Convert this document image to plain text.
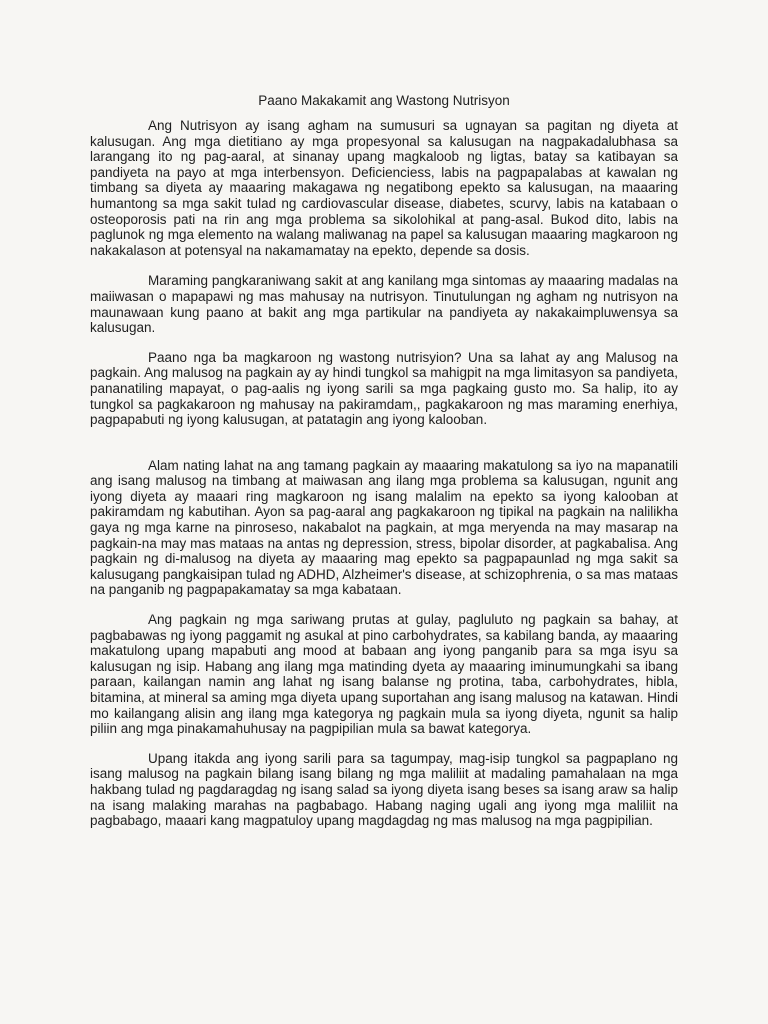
Paano Makakamit ang Wastong Nutrisyon

Ang Nutrisyon ay isang agham na sumusuri sa ugnayan sa pagitan ng diyeta at kalusugan. Ang mga dietitiano ay mga propesyonal sa kalusugan na nagpakadalubhasa sa larangang ito ng pag-aaral, at sinanay upang magkaloob ng ligtas, batay sa katibayan sa pandiyeta na payo at mga interbensyon. Deficienciess, labis na pagpapalabas at kawalan ng timbang sa diyeta ay maaaring makagawa ng negatibong epekto sa kalusugan, na maaaring humantong sa mga sakit tulad ng cardiovascular disease, diabetes, scurvy, labis na katabaan o osteoporosis pati na rin ang mga problema sa sikolohikal at pang-asal. Bukod dito, labis na paglunok ng mga elemento na walang maliwanag na papel sa kalusugan maaaring magkaroon ng nakakalason at potensyal na nakamamatay na epekto, depende sa dosis.

Maraming pangkaraniwang sakit at ang kanilang mga sintomas ay maaaring madalas na maiiwasan o mapapawi ng mas mahusay na nutrisyon. Tinutulungan ng agham ng nutrisyon na maunawaan kung paano at bakit ang mga partikular na pandiyeta ay nakakaimpluwensya sa kalusugan.

Paano nga ba magkaroon ng wastong nutrisyion? Una sa lahat ay ang Malusog na pagkain. Ang malusog na pagkain ay ay hindi tungkol sa mahigpit na mga limitasyon sa pandiyeta, pananatiling mapayat, o pag-aalis ng iyong sarili sa mga pagkaing gusto mo. Sa halip, ito ay tungkol sa pagkakaroon ng mahusay na pakiramdam,, pagkakaroon ng mas maraming enerhiya, pagpapabuti ng iyong kalusugan, at patatagin ang iyong kalooban.

Alam nating lahat na ang tamang pagkain ay maaaring makatulong sa iyo na mapanatili ang isang malusog na timbang at maiwasan ang ilang mga problema sa kalusugan, ngunit ang iyong diyeta ay maaari ring magkaroon ng isang malalim na epekto sa iyong kalooban at pakiramdam ng kabutihan. Ayon sa pag-aaral ang pagkakaroon ng tipikal na pagkain na nalilikha gaya ng mga karne na pinroseso, nakabalot na pagkain, at mga meryenda na may masarap na pagkain-na may mas mataas na antas ng depression, stress, bipolar disorder, at pagkabalisa. Ang pagkain ng di-malusog na diyeta ay maaaring mag epekto sa pagpapaunlad ng mga sakit sa kalusugang pangkaisipan tulad ng ADHD, Alzheimer's disease, at schizophrenia, o sa mas mataas na panganib ng pagpapakamatay sa mga kabataan.

Ang pagkain ng mga sariwang prutas at gulay, pagluluto ng pagkain sa bahay, at pagbabawas ng iyong paggamit ng asukal at pino carbohydrates, sa kabilang banda, ay maaaring makatulong upang mapabuti ang mood at babaan ang iyong panganib para sa mga isyu sa kalusugan ng isip. Habang ang ilang mga matinding dyeta ay maaaring iminumungkahi sa ibang paraan, kailangan namin ang lahat ng isang balanse ng protina, taba, carbohydrates, hibla, bitamina, at mineral sa aming mga diyeta upang suportahan ang isang malusog na katawan. Hindi mo kailangang alisin ang ilang mga kategorya ng pagkain mula sa iyong diyeta, ngunit sa halip piliin ang mga pinakamahuhusay na pagpipilian mula sa bawat kategorya.

Upang itakda ang iyong sarili para sa tagumpay, mag-isip tungkol sa pagpaplano ng isang malusog na pagkain bilang isang bilang ng mga maliliit at madaling pamahalaan na mga hakbang tulad ng pagdaragdag ng isang salad sa iyong diyeta isang beses sa isang araw sa halip na isang malaking marahas na pagbabago. Habang naging ugali ang iyong mga maliliit na pagbabago, maaari kang magpatuloy upang magdagdag ng mas malusog na mga pagpipilian.
